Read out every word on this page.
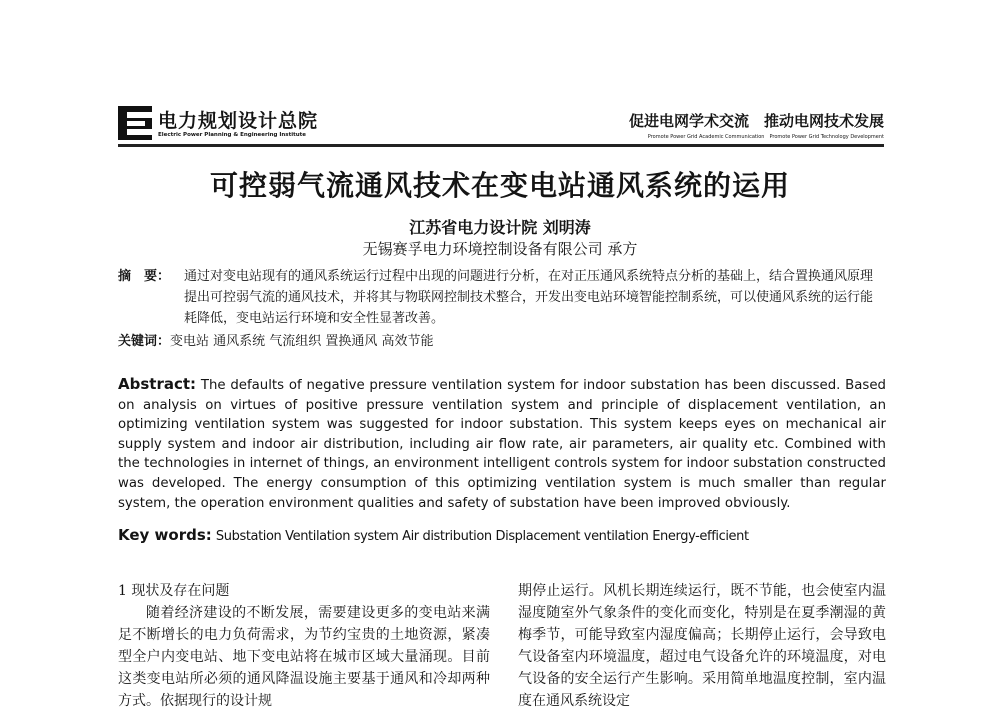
电力规划设计总院
Electric Power Planning & Engineering Institute
促进电网学术交流　推动电网技术发展
Promote Power Grid Academic Communication　Promote Power Grid Technology Development
可控弱气流通风技术在变电站通风系统的运用
江苏省电力设计院 刘明涛
无锡赛孚电力环境控制设备有限公司 承方
摘　要：	通过对变电站现有的通风系统运行过程中出现的问题进行分析，在对正压通风系统特点分析的基础上，结合置换通风原理提出可控弱气流的通风技术，并将其与物联网控制技术整合，开发出变电站环境智能控制系统，可以使通风系统的运行能耗降低，变电站运行环境和安全性显著改善。
关键词：变电站 通风系统 气流组织 置换通风 高效节能
Abstract: The defaults of negative pressure ventilation system for indoor substation has been discussed. Based on analysis on virtues of positive pressure ventilation system and principle of displacement ventilation, an optimizing ventilation system was suggested for indoor substation. This system keeps eyes on mechanical air supply system and indoor air distribution, including air flow rate, air parameters, air quality etc. Combined with the technologies in internet of things, an environment intelligent controls system for indoor substation constructed was developed. The energy consumption of this optimizing ventilation system is much smaller than regular system, the operation environment qualities and safety of substation have been improved obviously.
Key words: Substation Ventilation system Air distribution Displacement ventilation Energy-efficient
1 现状及存在问题

随着经济建设的不断发展，需要建设更多的变电站来满足不断增长的电力负荷需求，为节约宝贵的土地资源，紧凑型全户内变电站、地下变电站将在城市区域大量涌现。目前这类变电站所必须的通风降温设施主要基于通风和冷却两种方式。依据现行的设计规

期停止运行。风机长期连续运行，既不节能，也会使室内温湿度随室外气象条件的变化而变化，特别是在夏季潮湿的黄梅季节，可能导致室内湿度偏高；长期停止运行，会导致电气设备室内环境温度，超过电气设备允许的环境温度，对电气设备的安全运行产生影响。采用简单地温度控制，室内温度在通风系统设定
